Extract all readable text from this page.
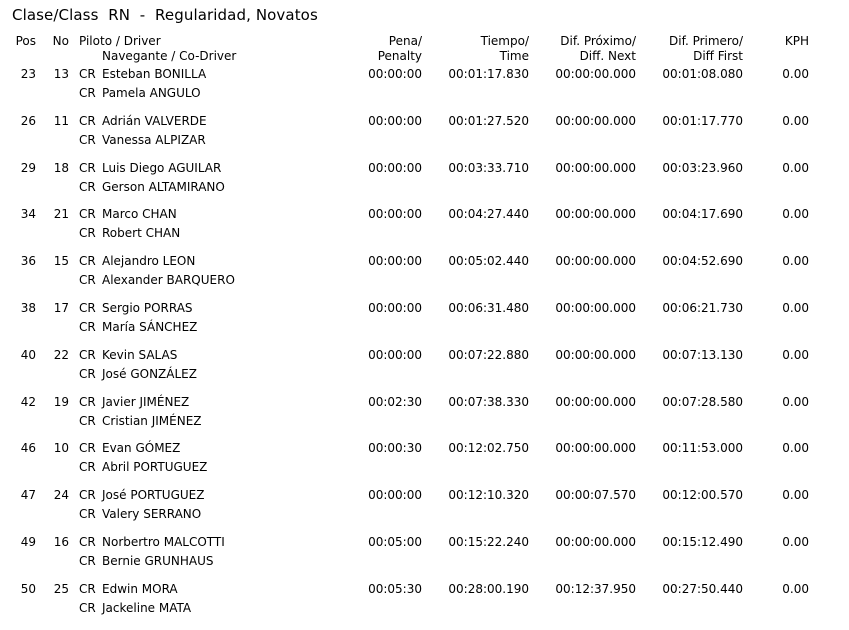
Clase/Class  RN  -  Regularidad, Novatos
Pos No Piloto / Driver
Navegante / Co-Driver
Pena/
Penalty
Tiempo/
Time
Dif. Próximo/
Diff. Next
Dif. Primero/
Diff First
KPH
23 13 CR Esteban BONILLA
CR Pamela ANGULO
00:00:00 00:01:17.830 00:00:00.000 00:01:08.080	0.00
26 11 CR Adrián VALVERDE
CR Vanessa ALPIZAR
00:00:00 00:01:27.520 00:00:00.000 00:01:17.770	0.00
29 18 CR Luis Diego AGUILAR
CR Gerson ALTAMIRANO
00:00:00 00:03:33.710 00:00:00.000 00:03:23.960	0.00
34 21 CR Marco CHAN
CR Robert CHAN
00:00:00 00:04:27.440 00:00:00.000 00:04:17.690	0.00
36 15 CR Alejandro LEON
CR Alexander BARQUERO
00:00:00 00:05:02.440 00:00:00.000 00:04:52.690	0.00
38 17 CR Sergio PORRAS
CR María SÁNCHEZ
00:00:00 00:06:31.480 00:00:00.000 00:06:21.730	0.00
40 22 CR Kevin SALAS
CR José GONZÁLEZ
00:00:00 00:07:22.880 00:00:00.000 00:07:13.130	0.00
42 19 CR Javier JIMÉNEZ
CR Cristian JIMÉNEZ
00:02:30 00:07:38.330 00:00:00.000 00:07:28.580	0.00
46 10 CR Evan GÓMEZ
CR Abril PORTUGUEZ
00:00:30 00:12:02.750 00:00:00.000 00:11:53.000	0.00
47 24 CR José PORTUGUEZ
CR Valery SERRANO
00:00:00 00:12:10.320 00:00:07.570 00:12:00.570	0.00
49 16 CR Norbertro MALCOTTI
CR Bernie GRUNHAUS
00:05:00 00:15:22.240 00:00:00.000 00:15:12.490	0.00
50 25 CR Edwin MORA
CR Jackeline MATA
00:05:30 00:28:00.190 00:12:37.950 00:27:50.440	0.00
